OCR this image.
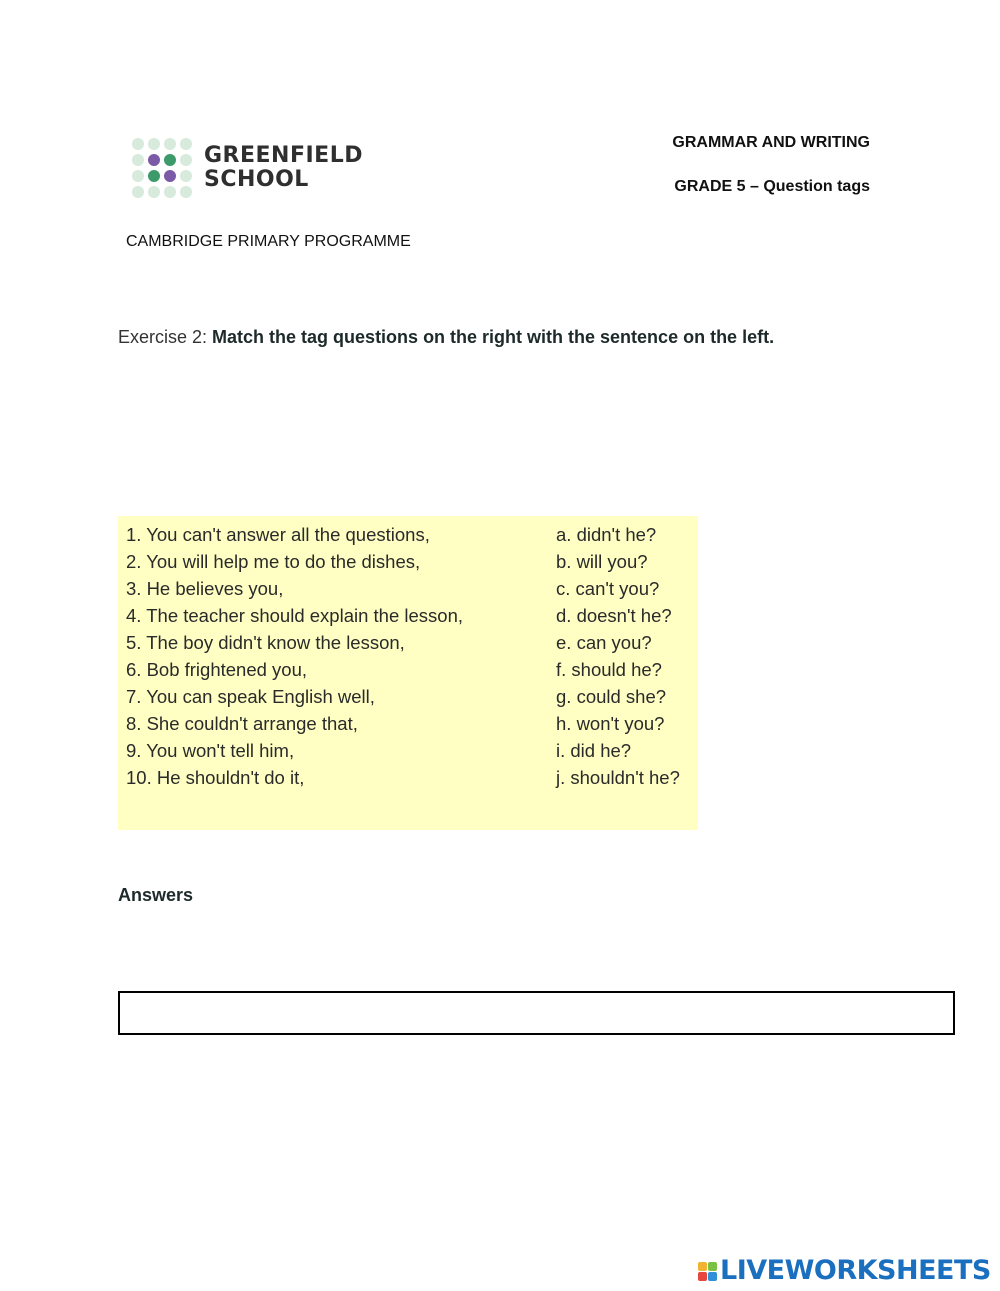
GREENFIELD
SCHOOL
GRAMMAR AND WRITING
GRADE 5 – Question tags
CAMBRIDGE PRIMARY PROGRAMME
Exercise 2: Match the tag questions on the right with the sentence on the left.
1. You can't answer all the questions,
2. You will help me to do the dishes,
3. He believes you,
4. The teacher should explain the lesson,
5. The boy didn't know the lesson,
6. Bob frightened you,
7. You can speak English well,
8. She couldn't arrange that,
9. You won't tell him,
10. He shouldn't do it,
a. didn't he?
b. will you?
c. can't you?
d. doesn't he?
e. can you?
f. should he?
g. could she?
h. won't you?
i. did he?
j. shouldn't he?
Answers
LIVEWORKSHEETS
